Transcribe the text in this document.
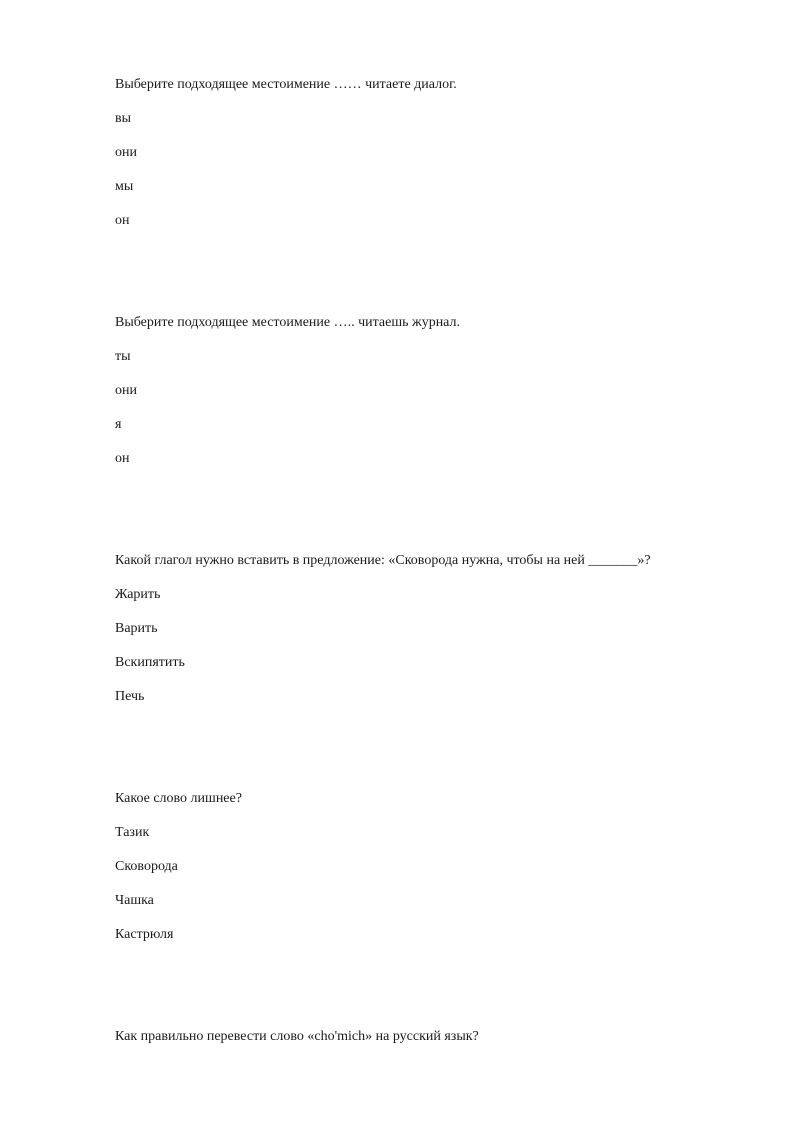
Выберите подходящее местоимение …… читаете диалог.

вы

они

мы

он

Выберите подходящее местоимение ….. читаешь журнал.

ты

они

я

он

Какой глагол нужно вставить в предложение: «Сковорода нужна, чтобы на ней _______»?

Жарить

Варить

Вскипятить

Печь

Какое слово лишнее?

Тазик

Сковорода

Чашка

Кастрюля

Как правильно перевести слово «cho'mich» на русский язык?
